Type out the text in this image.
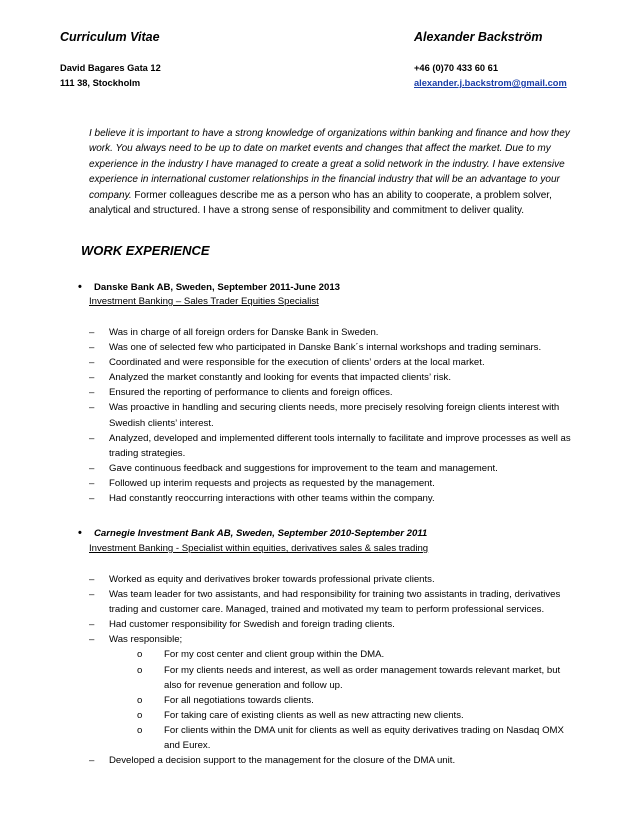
Curriculum Vitae	Alexander Backström
David Bagares Gata 12
111 38, Stockholm
+46 (0)70 433 60 61
alexander.j.backstrom@gmail.com
I believe it is important to have a strong knowledge of organizations within banking and finance and how they work. You always need to be up to date on market events and changes that affect the market. Due to my experience in the industry I have managed to create a great a solid network in the industry. I have extensive experience in international customer relationships in the financial industry that will be an advantage to your company. Former colleagues describe me as a person who has an ability to cooperate, a problem solver, analytical and structured. I have a strong sense of responsibility and commitment to deliver quality.
WORK EXPERIENCE
• Danske Bank AB, Sweden, September 2011-June 2013
Investment Banking – Sales Trader Equities Specialist
– Was in charge of all foreign orders for Danske Bank in Sweden.
– Was one of selected few who participated in Danske Bank´s internal workshops and trading seminars.
– Coordinated and were responsible for the execution of clients’ orders at the local market.
– Analyzed the market constantly and looking for events that impacted clients’ risk.
– Ensured the reporting of performance to clients and foreign offices.
– Was proactive in handling and securing clients needs, more precisely resolving foreign clients interest with Swedish clients’ interest.
– Analyzed, developed and implemented different tools internally to facilitate and improve processes as well as trading strategies.
– Gave continuous feedback and suggestions for improvement to the team and management.
– Followed up interim requests and projects as requested by the management.
– Had constantly reoccurring interactions with other teams within the company.
• Carnegie Investment Bank AB, Sweden, September 2010-September 2011
Investment Banking - Specialist within equities, derivatives sales & sales trading
– Worked as equity and derivatives broker towards professional private clients.
– Was team leader for two assistants, and had responsibility for training two assistants in trading, derivatives trading and customer care. Managed, trained and motivated my team to perform professional services.
– Had customer responsibility for Swedish and foreign trading clients.
– Was responsible;
o For my cost center and client group within the DMA.
o For my clients needs and interest, as well as order management towards relevant market, but also for revenue generation and follow up.
o For all negotiations towards clients.
o For taking care of existing clients as well as new attracting new clients.
o For clients within the DMA unit for clients as well as equity derivatives trading on Nasdaq OMX and Eurex.
– Developed a decision support to the management for the closure of the DMA unit.
